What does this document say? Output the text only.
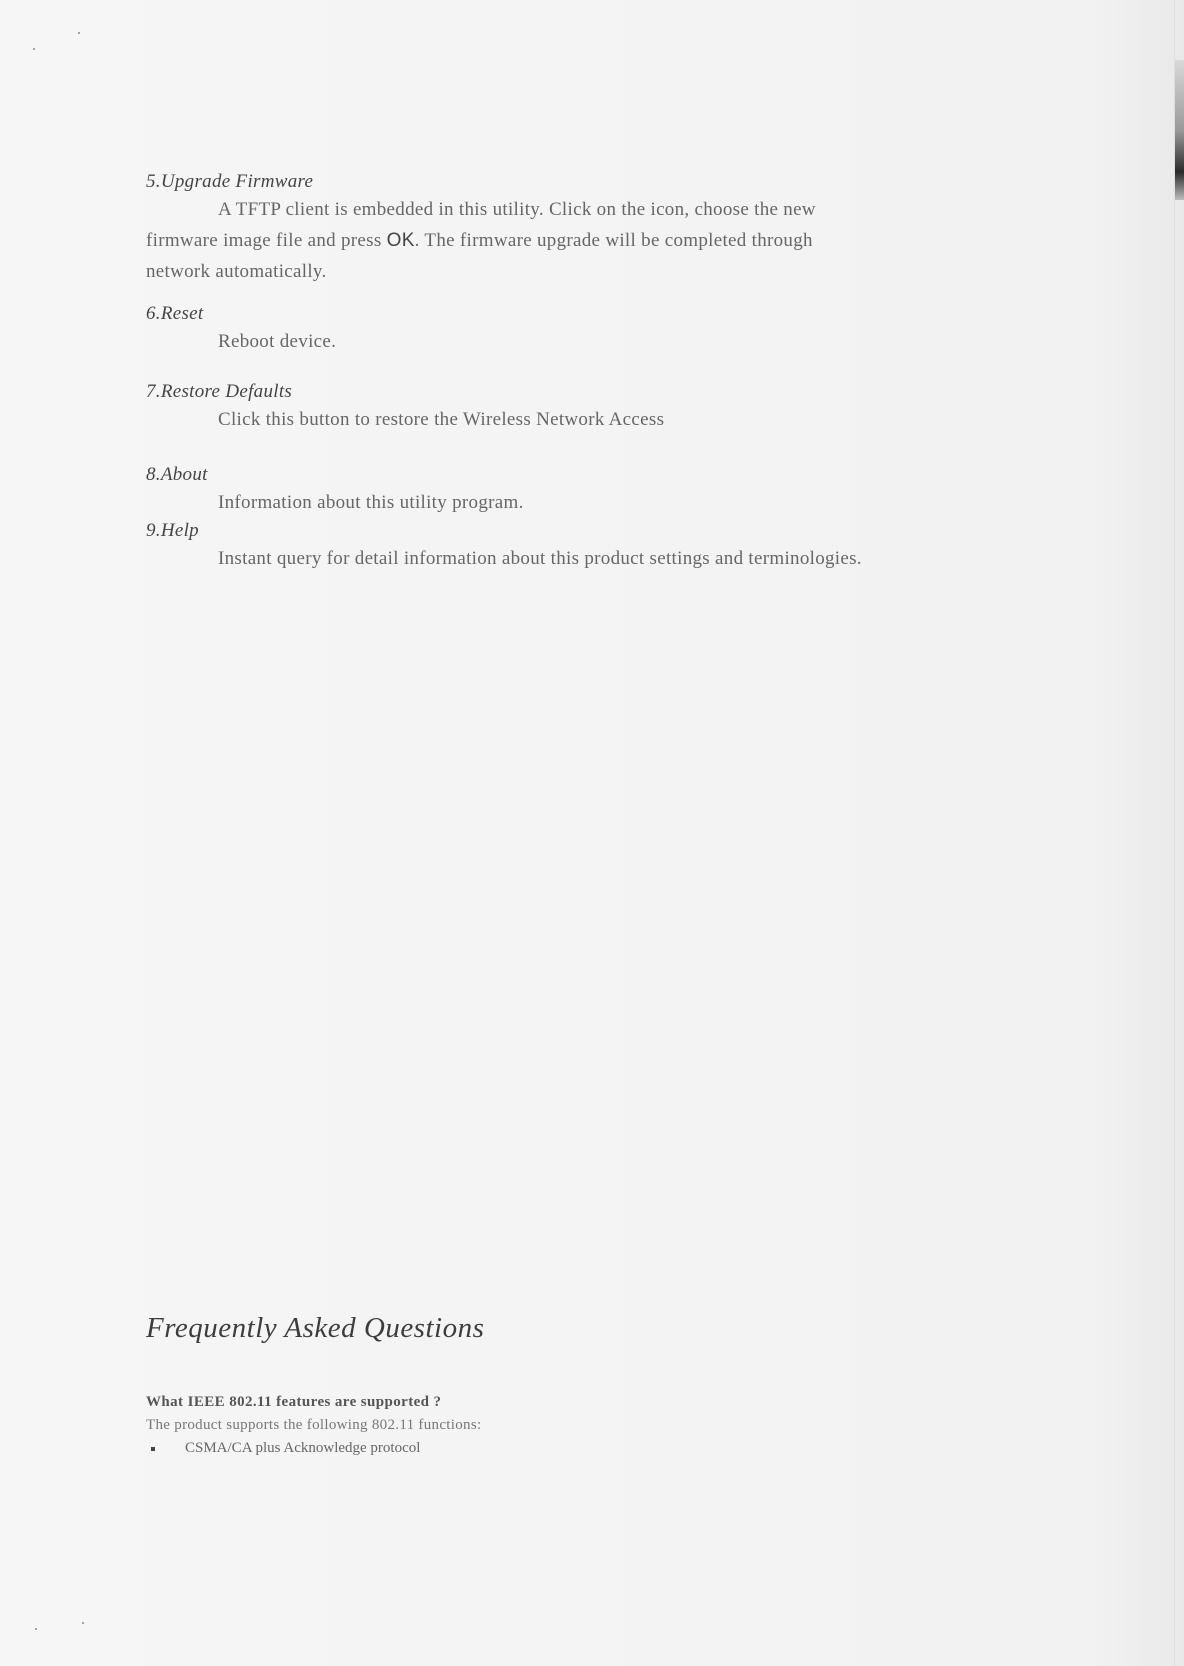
5.Upgrade Firmware
A TFTP client is embedded in this utility. Click on the icon, choose the new
firmware image file and press OK. The firmware upgrade will be completed through
network automatically.
6.Reset
Reboot device.
7.Restore Defaults
Click this button to restore the Wireless Network Access
8.About
Information about this utility program.
9.Help
Instant query for detail information about this product settings and terminologies.
Frequently Asked Questions
What IEEE 802.11 features are supported ?
The product supports the following 802.11 functions:
CSMA/CA plus Acknowledge protocol
